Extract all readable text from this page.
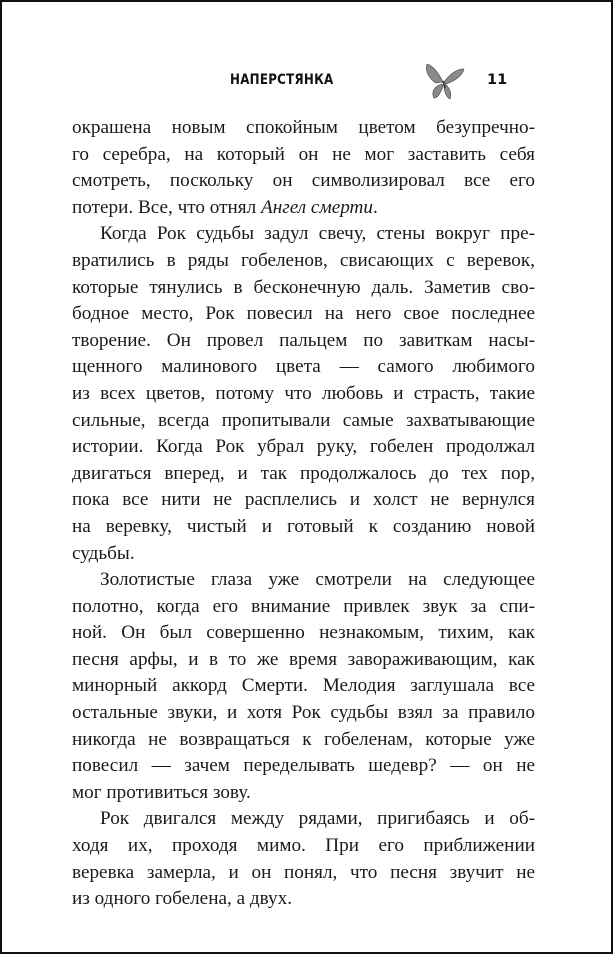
НАПЕРСТЯНКА	11
окрашена новым спокойным цветом безупречно-
го серебра, на который он не мог заставить себя
смотреть, поскольку он символизировал все его
потери. Все, что отнял Ангел смерти.
Когда Рок судьбы задул свечу, стены вокруг пре-
вратились в ряды гобеленов, свисающих с веревок,
которые тянулись в бесконечную даль. Заметив сво-
бодное место, Рок повесил на него свое последнее
творение. Он провел пальцем по завиткам насы-
щенного малинового цвета — самого любимого
из всех цветов, потому что любовь и страсть, такие
сильные, всегда пропитывали самые захватывающие
истории. Когда Рок убрал руку, гобелен продолжал
двигаться вперед, и так продолжалось до тех пор,
пока все нити не расплелись и холст не вернулся
на веревку, чистый и готовый к созданию новой
судьбы.
Золотистые глаза уже смотрели на следующее
полотно, когда его внимание привлек звук за спи-
ной. Он был совершенно незнакомым, тихим, как
песня арфы, и в то же время завораживающим, как
минорный аккорд Смерти. Мелодия заглушала все
остальные звуки, и хотя Рок судьбы взял за правило
никогда не возвращаться к гобеленам, которые уже
повесил — зачем переделывать шедевр? — он не
мог противиться зову.
Рок двигался между рядами, пригибаясь и об-
ходя их, проходя мимо. При его приближении
веревка замерла, и он понял, что песня звучит не
из одного гобелена, а двух.
